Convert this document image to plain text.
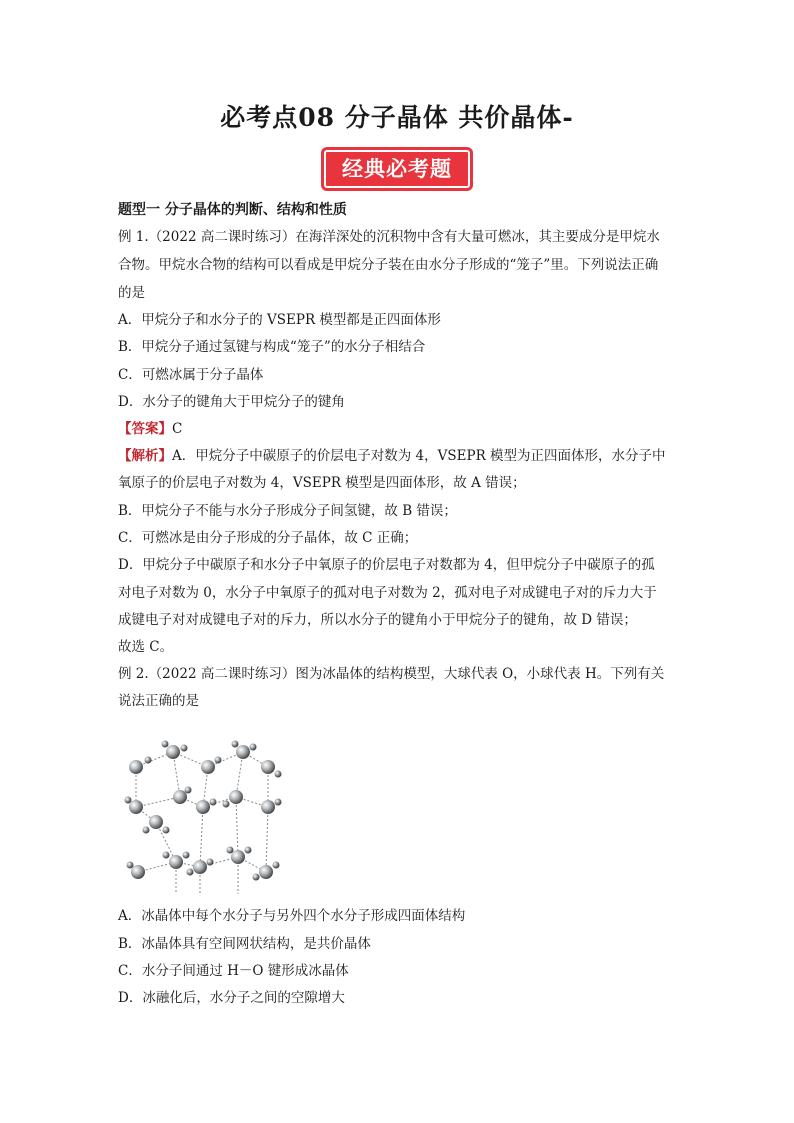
必考点08 分子晶体 共价晶体-
经典必考题
题型一 分子晶体的判断、结构和性质
例 1.（2022 高二课时练习）在海洋深处的沉积物中含有大量可燃冰，其主要成分是甲烷水
合物。甲烷水合物的结构可以看成是甲烷分子装在由水分子形成的“笼子”里。下列说法正确
的是
A．甲烷分子和水分子的 VSEPR 模型都是正四面体形
B．甲烷分子通过氢键与构成“笼子”的水分子相结合
C．可燃冰属于分子晶体
D．水分子的键角大于甲烷分子的键角
【答案】C
【解析】A．甲烷分子中碳原子的价层电子对数为 4，VSEPR 模型为正四面体形，水分子中
氧原子的价层电子对数为 4，VSEPR 模型是四面体形，故 A 错误；
B．甲烷分子不能与水分子形成分子间氢键，故 B 错误；
C．可燃冰是由分子形成的分子晶体，故 C 正确；
D．甲烷分子中碳原子和水分子中氧原子的价层电子对数都为 4，但甲烷分子中碳原子的孤
对电子对数为 0，水分子中氧原子的孤对电子对数为 2，孤对电子对成键电子对的斥力大于
成键电子对对成键电子对的斥力，所以水分子的键角小于甲烷分子的键角，故 D 错误；
故选 C。
例 2.（2022 高二课时练习）图为冰晶体的结构模型，大球代表 O，小球代表 H。下列有关
说法正确的是
A．冰晶体中每个水分子与另外四个水分子形成四面体结构
B．冰晶体具有空间网状结构，是共价晶体
C．水分子间通过 H－O 键形成冰晶体
D．冰融化后，水分子之间的空隙增大
